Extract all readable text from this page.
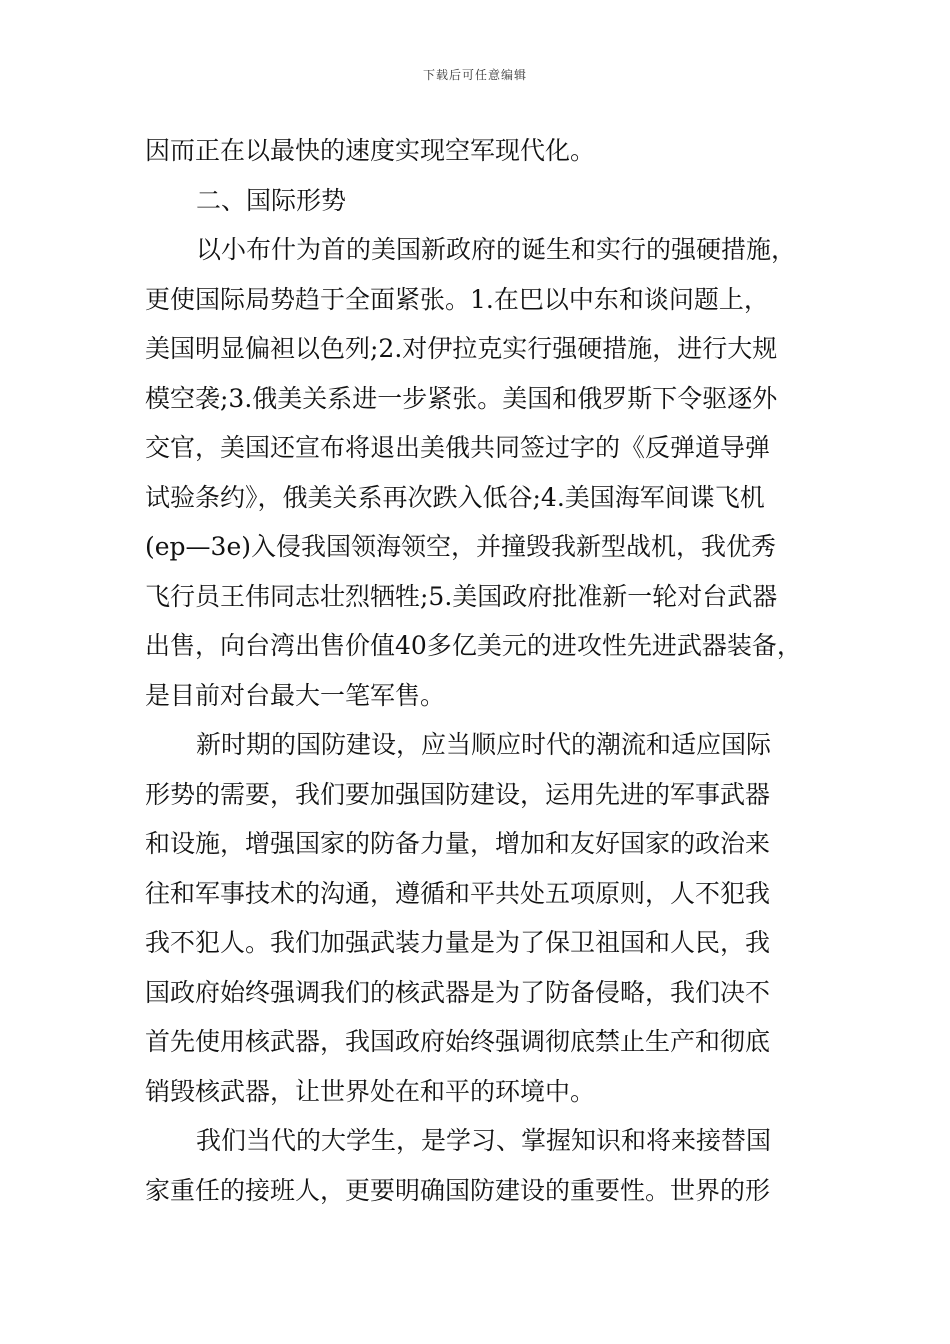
下载后可任意编辑
因而正在以最快的速度实现空军现代化。
二、国际形势
以小布什为首的美国新政府的诞生和实行的强硬措施，
更使国际局势趋于全面紧张。1.在巴以中东和谈问题上，
美国明显偏袒以色列;2.对伊拉克实行强硬措施，进行大规
模空袭;3.俄美关系进一步紧张。美国和俄罗斯下令驱逐外
交官，美国还宣布将退出美俄共同签过字的《反弹道导弹
试验条约》，俄美关系再次跌入低谷;4.美国海军间谍飞机
(ep—3e)入侵我国领海领空，并撞毁我新型战机，我优秀
飞行员王伟同志壮烈牺牲;5.美国政府批准新一轮对台武器
出售，向台湾出售价值40多亿美元的进攻性先进武器装备，
是目前对台最大一笔军售。
新时期的国防建设，应当顺应时代的潮流和适应国际
形势的需要，我们要加强国防建设，运用先进的军事武器
和设施，增强国家的防备力量，增加和友好国家的政治来
往和军事技术的沟通，遵循和平共处五项原则，人不犯我
我不犯人。我们加强武装力量是为了保卫祖国和人民，我
国政府始终强调我们的核武器是为了防备侵略，我们决不
首先使用核武器，我国政府始终强调彻底禁止生产和彻底
销毁核武器，让世界处在和平的环境中。
我们当代的大学生，是学习、掌握知识和将来接替国
家重任的接班人，更要明确国防建设的重要性。世界的形
